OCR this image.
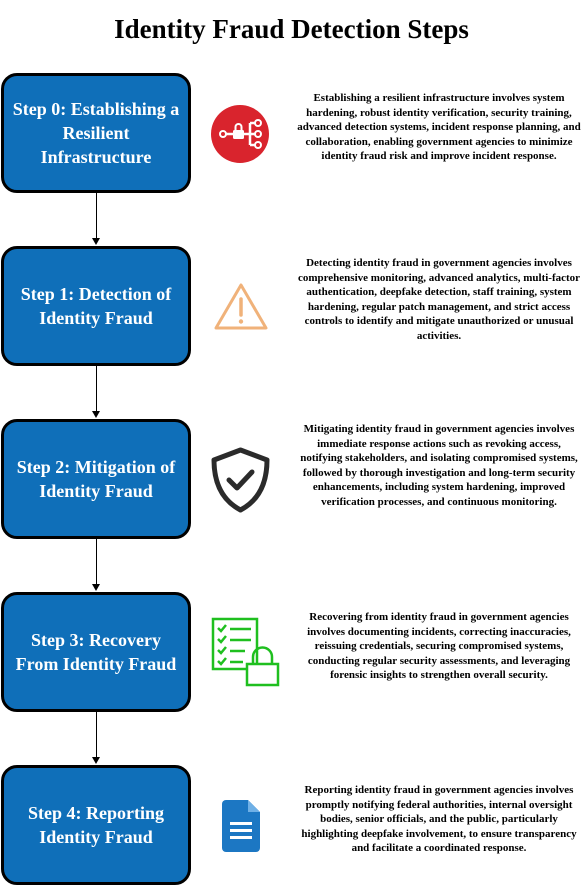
Identity Fraud Detection Steps
Step 0: Establishing a Resilient Infrastructure
Establishing a resilient infrastructure involves system hardening, robust identity verification, security training, advanced detection systems, incident response planning, and collaboration, enabling government agencies to minimize identity fraud risk and improve incident response.
Step 1: Detection of Identity Fraud
Detecting identity fraud in government agencies involves comprehensive monitoring, advanced analytics, multi-factor authentication, deepfake detection, staff training, system hardening, regular patch management, and strict access controls to identify and mitigate unauthorized or unusual activities.
Step 2: Mitigation of Identity Fraud
Mitigating identity fraud in government agencies involves immediate response actions such as revoking access, notifying stakeholders, and isolating compromised systems, followed by thorough investigation and long-term security enhancements, including system hardening, improved verification processes, and continuous monitoring.
Step 3: Recovery From Identity Fraud
Recovering from identity fraud in government agencies involves documenting incidents, correcting inaccuracies, reissuing credentials, securing compromised systems, conducting regular security assessments, and leveraging forensic insights to strengthen overall security.
Step 4: Reporting Identity Fraud
Reporting identity fraud in government agencies involves promptly notifying federal authorities, internal oversight bodies, senior officials, and the public, particularly highlighting deepfake involvement, to ensure transparency and facilitate a coordinated response.
